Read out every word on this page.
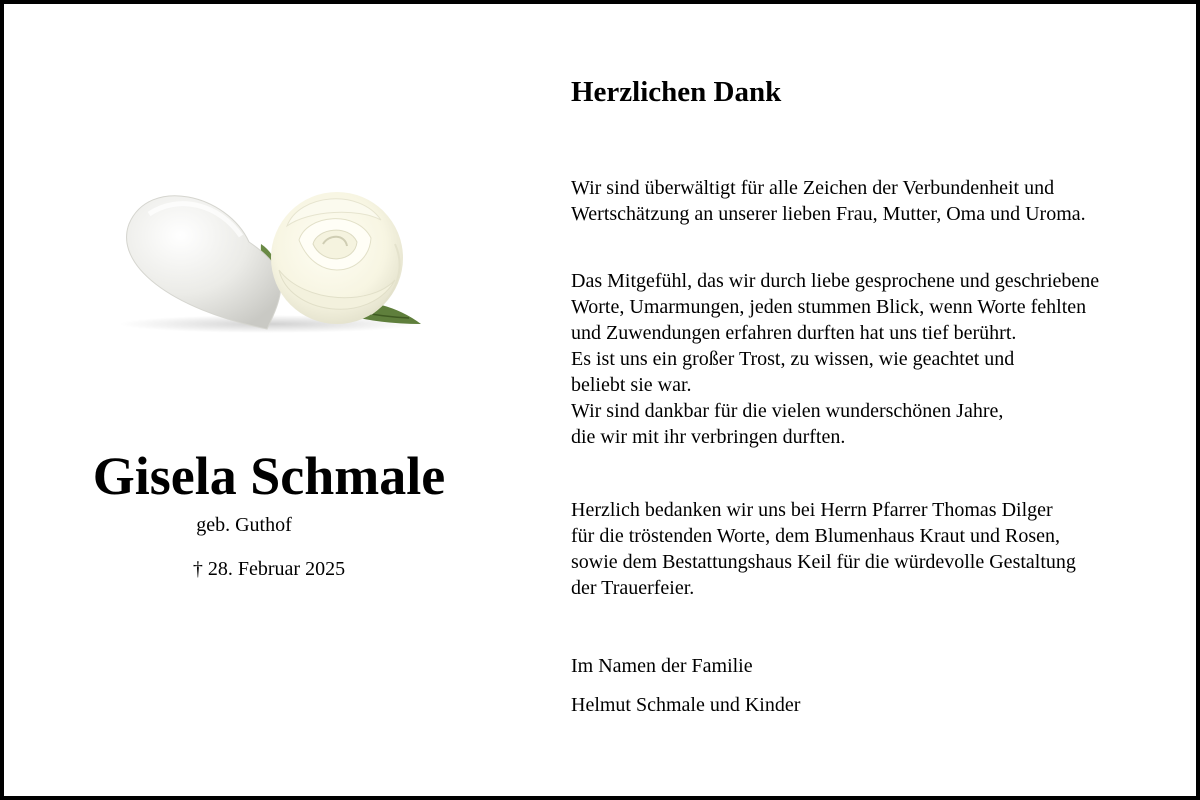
Gisela Schmale
geb. Guthof
† 28. Februar 2025
Herzlichen Dank
Wir sind überwältigt für alle Zeichen der Verbundenheit und
Wertschätzung an unserer lieben Frau, Mutter, Oma und Uroma.
Das Mitgefühl, das wir durch liebe gesprochene und geschriebene
Worte, Umarmungen, jeden stummen Blick, wenn Worte fehlten
und Zuwendungen erfahren durften hat uns tief berührt.
Es ist uns ein großer Trost, zu wissen, wie geachtet und
beliebt sie war.
Wir sind dankbar für die vielen wunderschönen Jahre,
die wir mit ihr verbringen durften.
Herzlich bedanken wir uns bei Herrn Pfarrer Thomas Dilger
für die tröstenden Worte, dem Blumenhaus Kraut und Rosen,
sowie dem Bestattungshaus Keil für die würdevolle Gestaltung
der Trauerfeier.
Im Namen der Familie
Helmut Schmale und Kinder
